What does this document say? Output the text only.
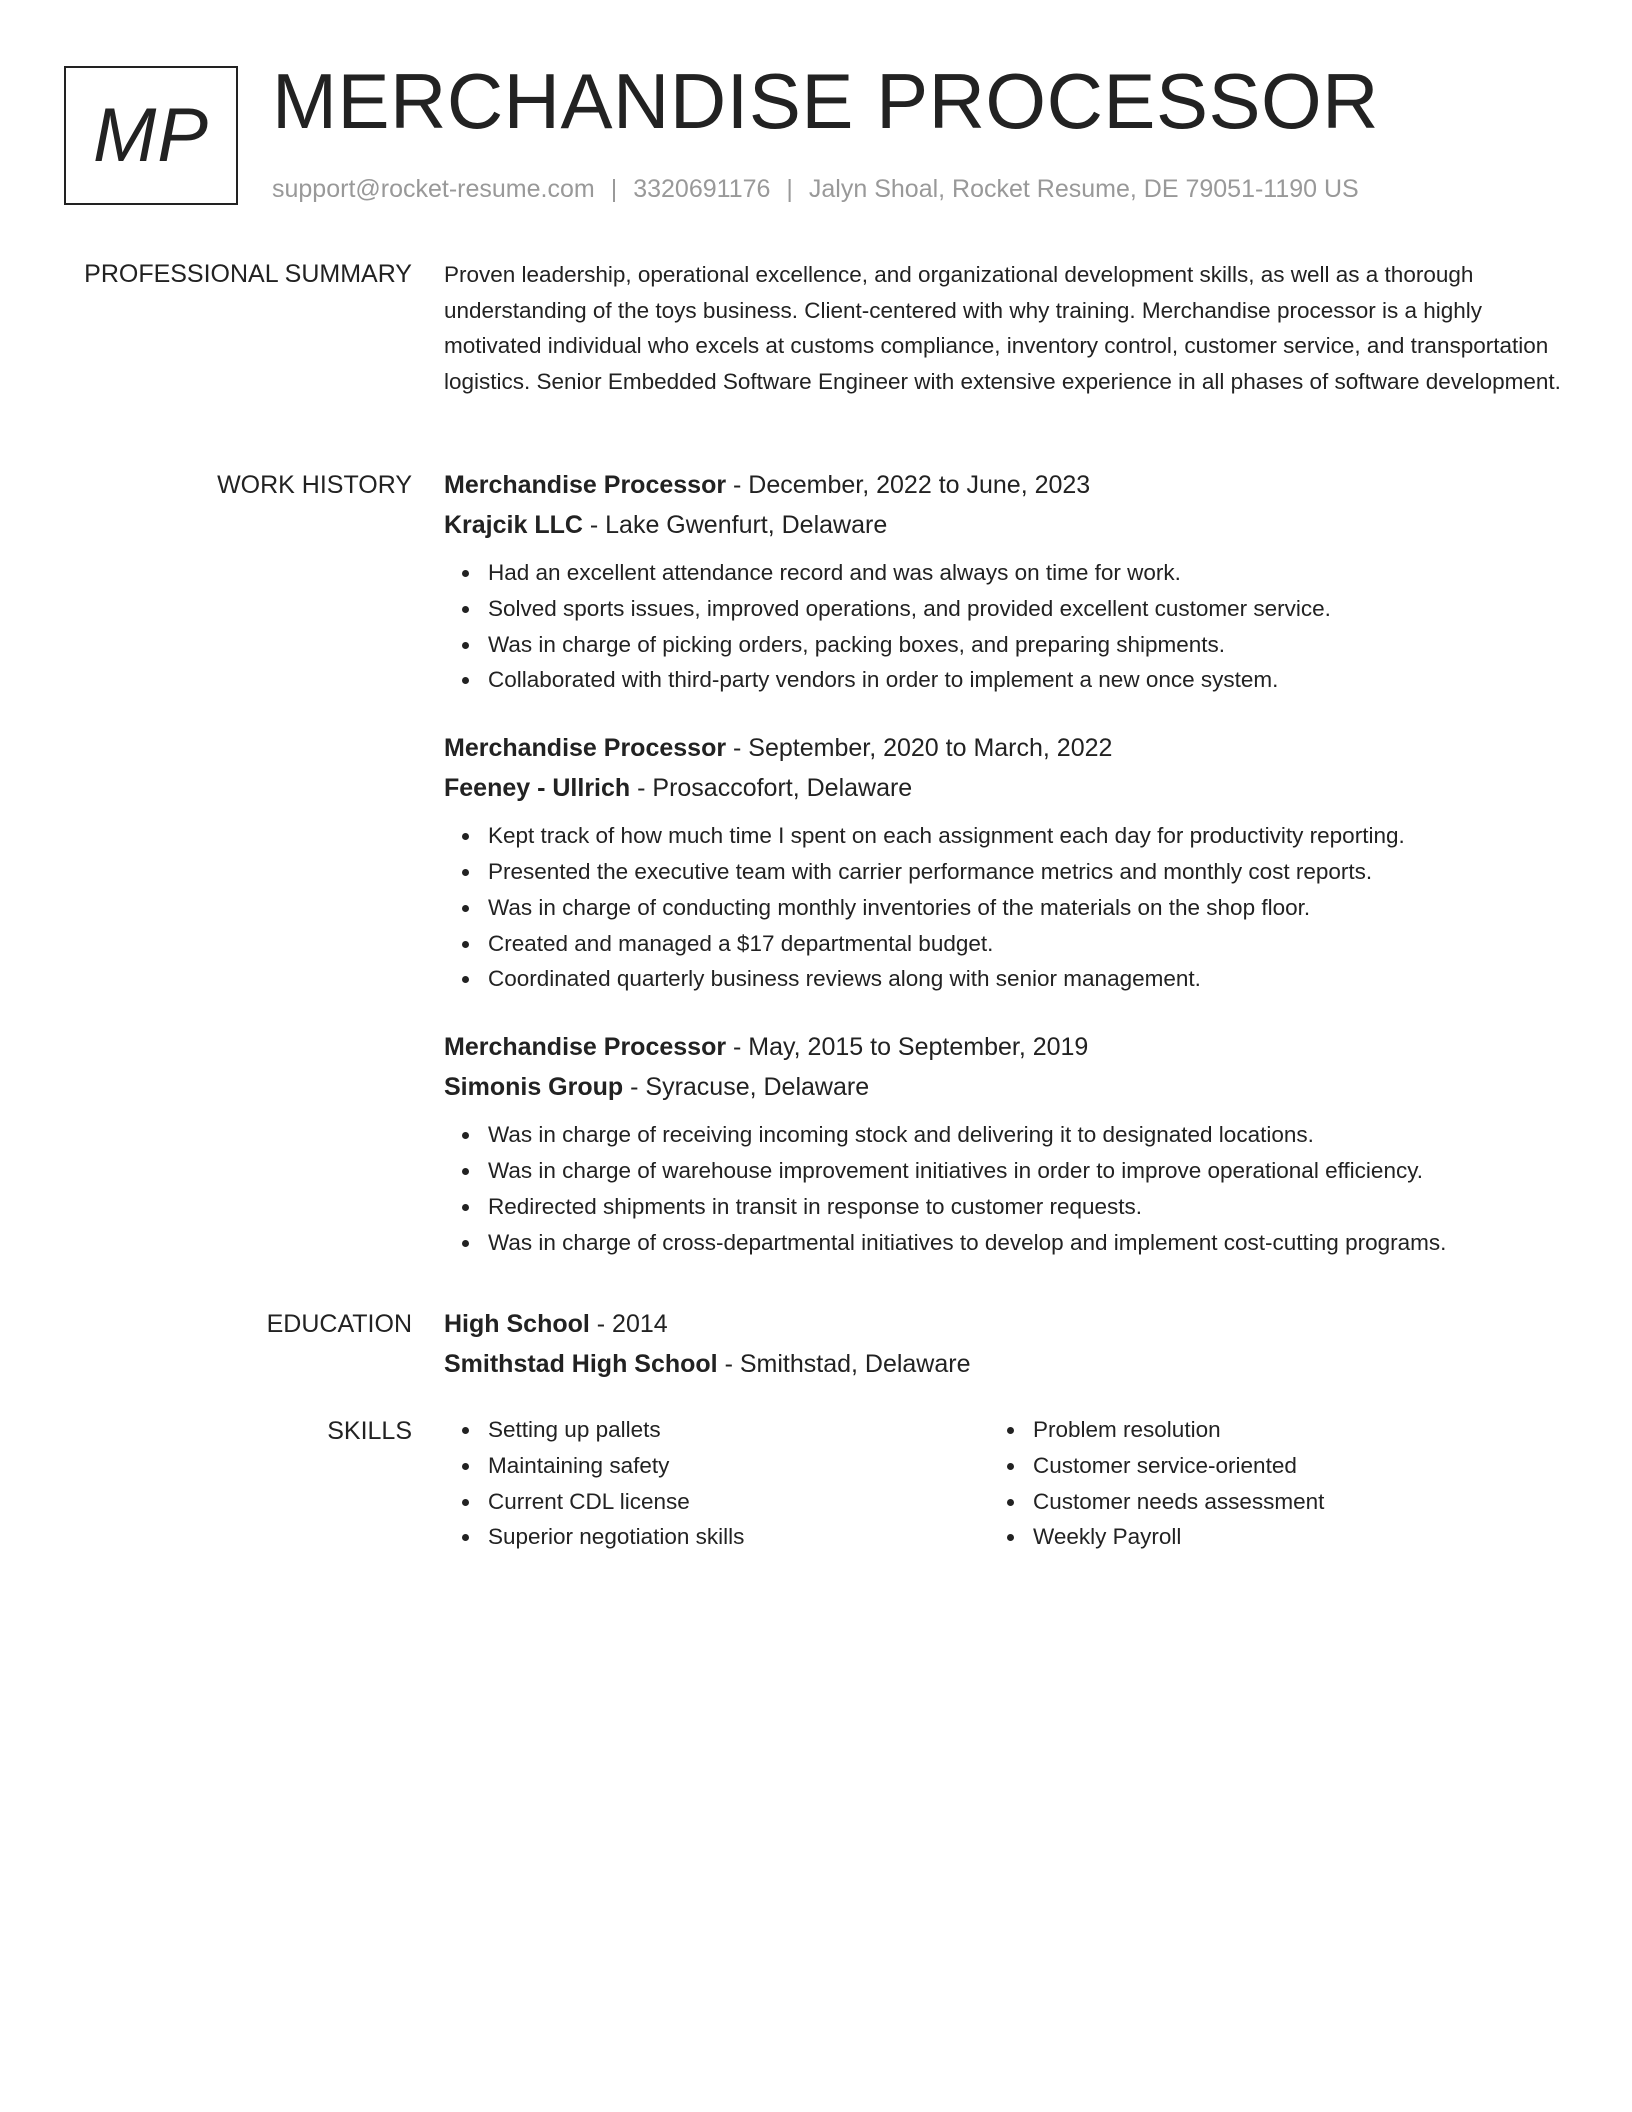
MP MERCHANDISE PROCESSOR
support@rocket-resume.com | 3320691176 | Jalyn Shoal, Rocket Resume, DE 79051-1190 US
PROFESSIONAL SUMMARY Proven leadership, operational excellence, and organizational development skills, as well as a thorough understanding of the toys business. Client-centered with why training. Merchandise processor is a highly motivated individual who excels at customs compliance, inventory control, customer service, and transportation logistics. Senior Embedded Software Engineer with extensive experience in all phases of software development.

WORK HISTORY Merchandise Processor - December, 2022 to June, 2023
Krajcik LLC - Lake Gwenfurt, Delaware
Had an excellent attendance record and was always on time for work.
Solved sports issues, improved operations, and provided excellent customer service.
Was in charge of picking orders, packing boxes, and preparing shipments.
Collaborated with third-party vendors in order to implement a new once system.
Merchandise Processor - September, 2020 to March, 2022
Feeney - Ullrich - Prosaccofort, Delaware
Kept track of how much time I spent on each assignment each day for productivity reporting.
Presented the executive team with carrier performance metrics and monthly cost reports.
Was in charge of conducting monthly inventories of the materials on the shop floor.
Created and managed a $17 departmental budget.
Coordinated quarterly business reviews along with senior management.
Merchandise Processor - May, 2015 to September, 2019
Simonis Group - Syracuse, Delaware
Was in charge of receiving incoming stock and delivering it to designated locations.
Was in charge of warehouse improvement initiatives in order to improve operational efficiency.
Redirected shipments in transit in response to customer requests.
Was in charge of cross-departmental initiatives to develop and implement cost-cutting programs.
EDUCATION High School - 2014
Smithstad High School - Smithstad, Delaware
SKILLS	Setting up pallets
Maintaining safety
Current CDL license
Superior negotiation skills
Problem resolution
Customer service-oriented
Customer needs assessment
Weekly Payroll
